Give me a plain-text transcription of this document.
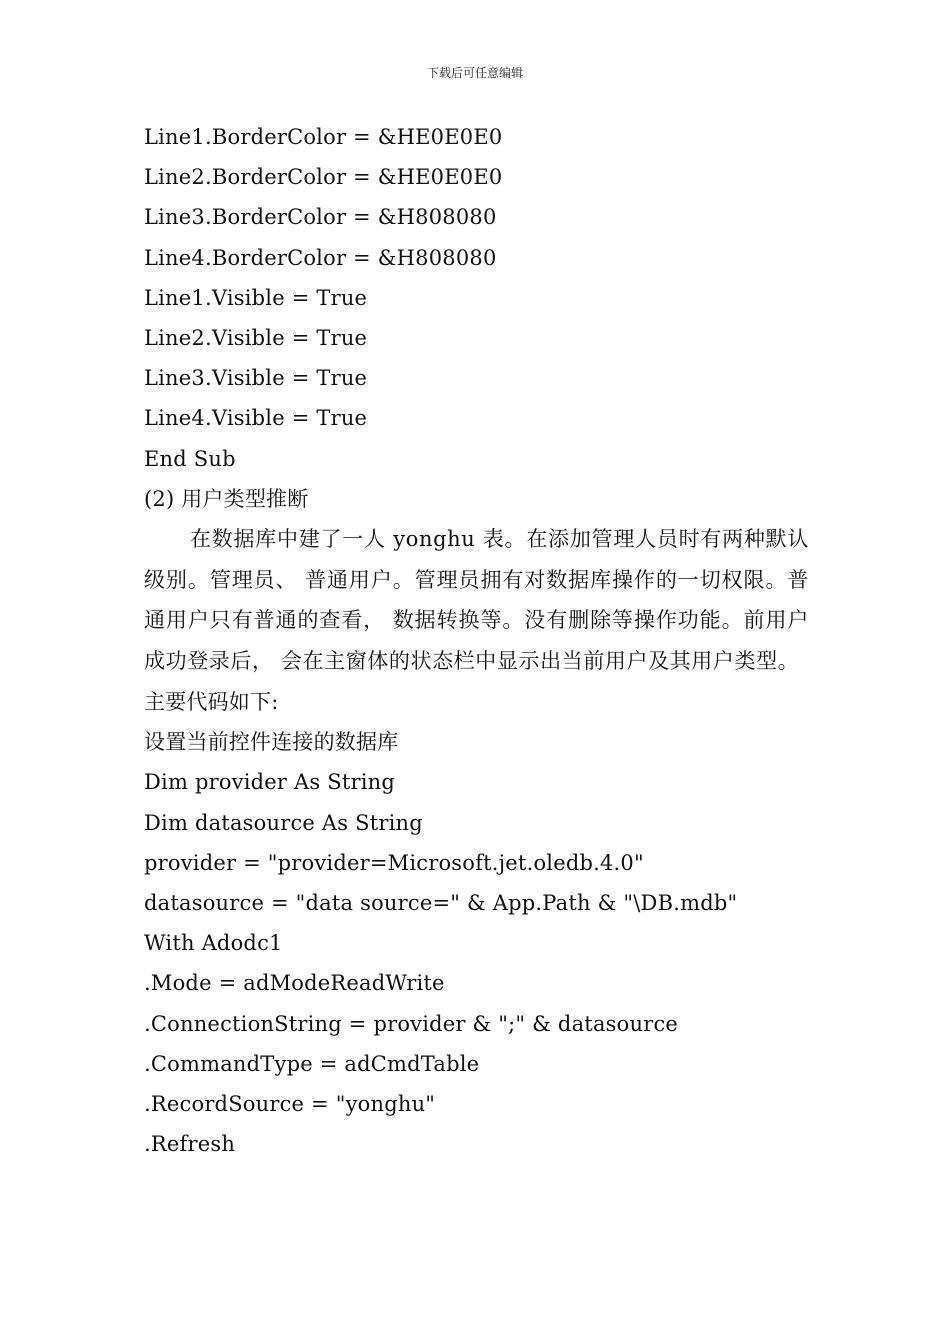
下载后可任意编辑
Line1.BorderColor = &HE0E0E0
Line2.BorderColor = &HE0E0E0
Line3.BorderColor = &H808080
Line4.BorderColor = &H808080
Line1.Visible = True
Line2.Visible = True
Line3.Visible = True
Line4.Visible = True
End Sub
(2) 用户类型推断
在数据库中建了一人 yonghu 表。在添加管理人员时有两种默认级别。管理员、 普通用户。管理员拥有对数据库操作的一切权限。普通用户只有普通的查看， 数据转换等。没有删除等操作功能。前用户成功登录后， 会在主窗体的状态栏中显示出当前用户及其用户类型。
主要代码如下:
设置当前控件连接的数据库
Dim provider As String
Dim datasource As String
provider = "provider=Microsoft.jet.oledb.4.0"
datasource = "data source=" & App.Path & "\DB.mdb"
With Adodc1
.Mode = adModeReadWrite
.ConnectionString = provider & ";" & datasource
.CommandType = adCmdTable
.RecordSource = "yonghu"
.Refresh
